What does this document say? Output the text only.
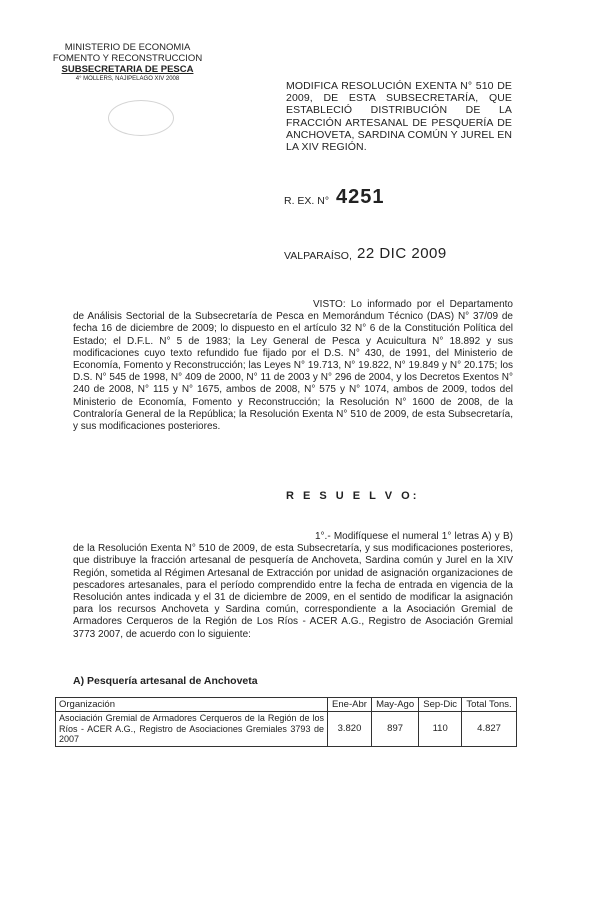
MINISTERIO DE ECONOMIA
FOMENTO Y RECONSTRUCCION
SUBSECRETARIA DE PESCA
4° MOLLERS, NAJIPELAGO XIV 2008
MODIFICA RESOLUCIÓN EXENTA N° 510 DE 2009, DE ESTA SUBSECRETARÍA, QUE ESTABLECIÓ DISTRIBUCIÓN DE LA FRACCIÓN ARTESANAL DE PESQUERÍA DE ANCHOVETA, SARDINA COMÚN Y JUREL EN LA XIV REGIÓN.
R. EX. N° 4251
VALPARAÍSO, 22 DIC 2009
VISTO: Lo informado por el Departamento de Análisis Sectorial de la Subsecretaría de Pesca en Memorándum Técnico (DAS) N° 37/09 de fecha 16 de diciembre de 2009; lo dispuesto en el artículo 32 N° 6 de la Constitución Política del Estado; el D.F.L. N° 5 de 1983; la Ley General de Pesca y Acuicultura N° 18.892 y sus modificaciones cuyo texto refundido fue fijado por el D.S. N° 430, de 1991, del Ministerio de Economía, Fomento y Reconstrucción; las Leyes N° 19.713, N° 19.822, N° 19.849 y N° 20.175; los D.S. N° 545 de 1998, N° 409 de 2000, N° 11 de 2003 y N° 296 de 2004, y los Decretos Exentos N° 240 de 2008, N° 115 y N° 1675, ambos de 2008, N° 575 y N° 1074, ambos de 2009, todos del Ministerio de Economía, Fomento y Reconstrucción; la Resolución N° 1600 de 2008, de la Contraloría General de la República; la Resolución Exenta N° 510 de 2009, de esta Subsecretaría, y sus modificaciones posteriores.
R E S U E L V O:
1°.- Modifíquese el numeral 1° letras A) y B) de la Resolución Exenta N° 510 de 2009, de esta Subsecretaría, y sus modificaciones posteriores, que distribuye la fracción artesanal de pesquería de Anchoveta, Sardina común y Jurel en la XIV Región, sometida al Régimen Artesanal de Extracción por unidad de asignación organizaciones de pescadores artesanales, para el período comprendido entre la fecha de entrada en vigencia de la Resolución antes indicada y el 31 de diciembre de 2009, en el sentido de modificar la asignación para los recursos Anchoveta y Sardina común, correspondiente a la Asociación Gremial de Armadores Cerqueros de la Región de Los Ríos - ACER A.G., Registro de Asociación Gremial 3773 2007, de acuerdo con lo siguiente:
A) Pesquería artesanal de Anchoveta
Organización	Ene-Abr	May-Ago	Sep-Dic	Total Tons.
Asociación Gremial de Armadores Cerqueros de la Región de los Ríos - ACER A.G., Registro de Asociaciones Gremiales 3793 de 2007	3.820	897	110	4.827
